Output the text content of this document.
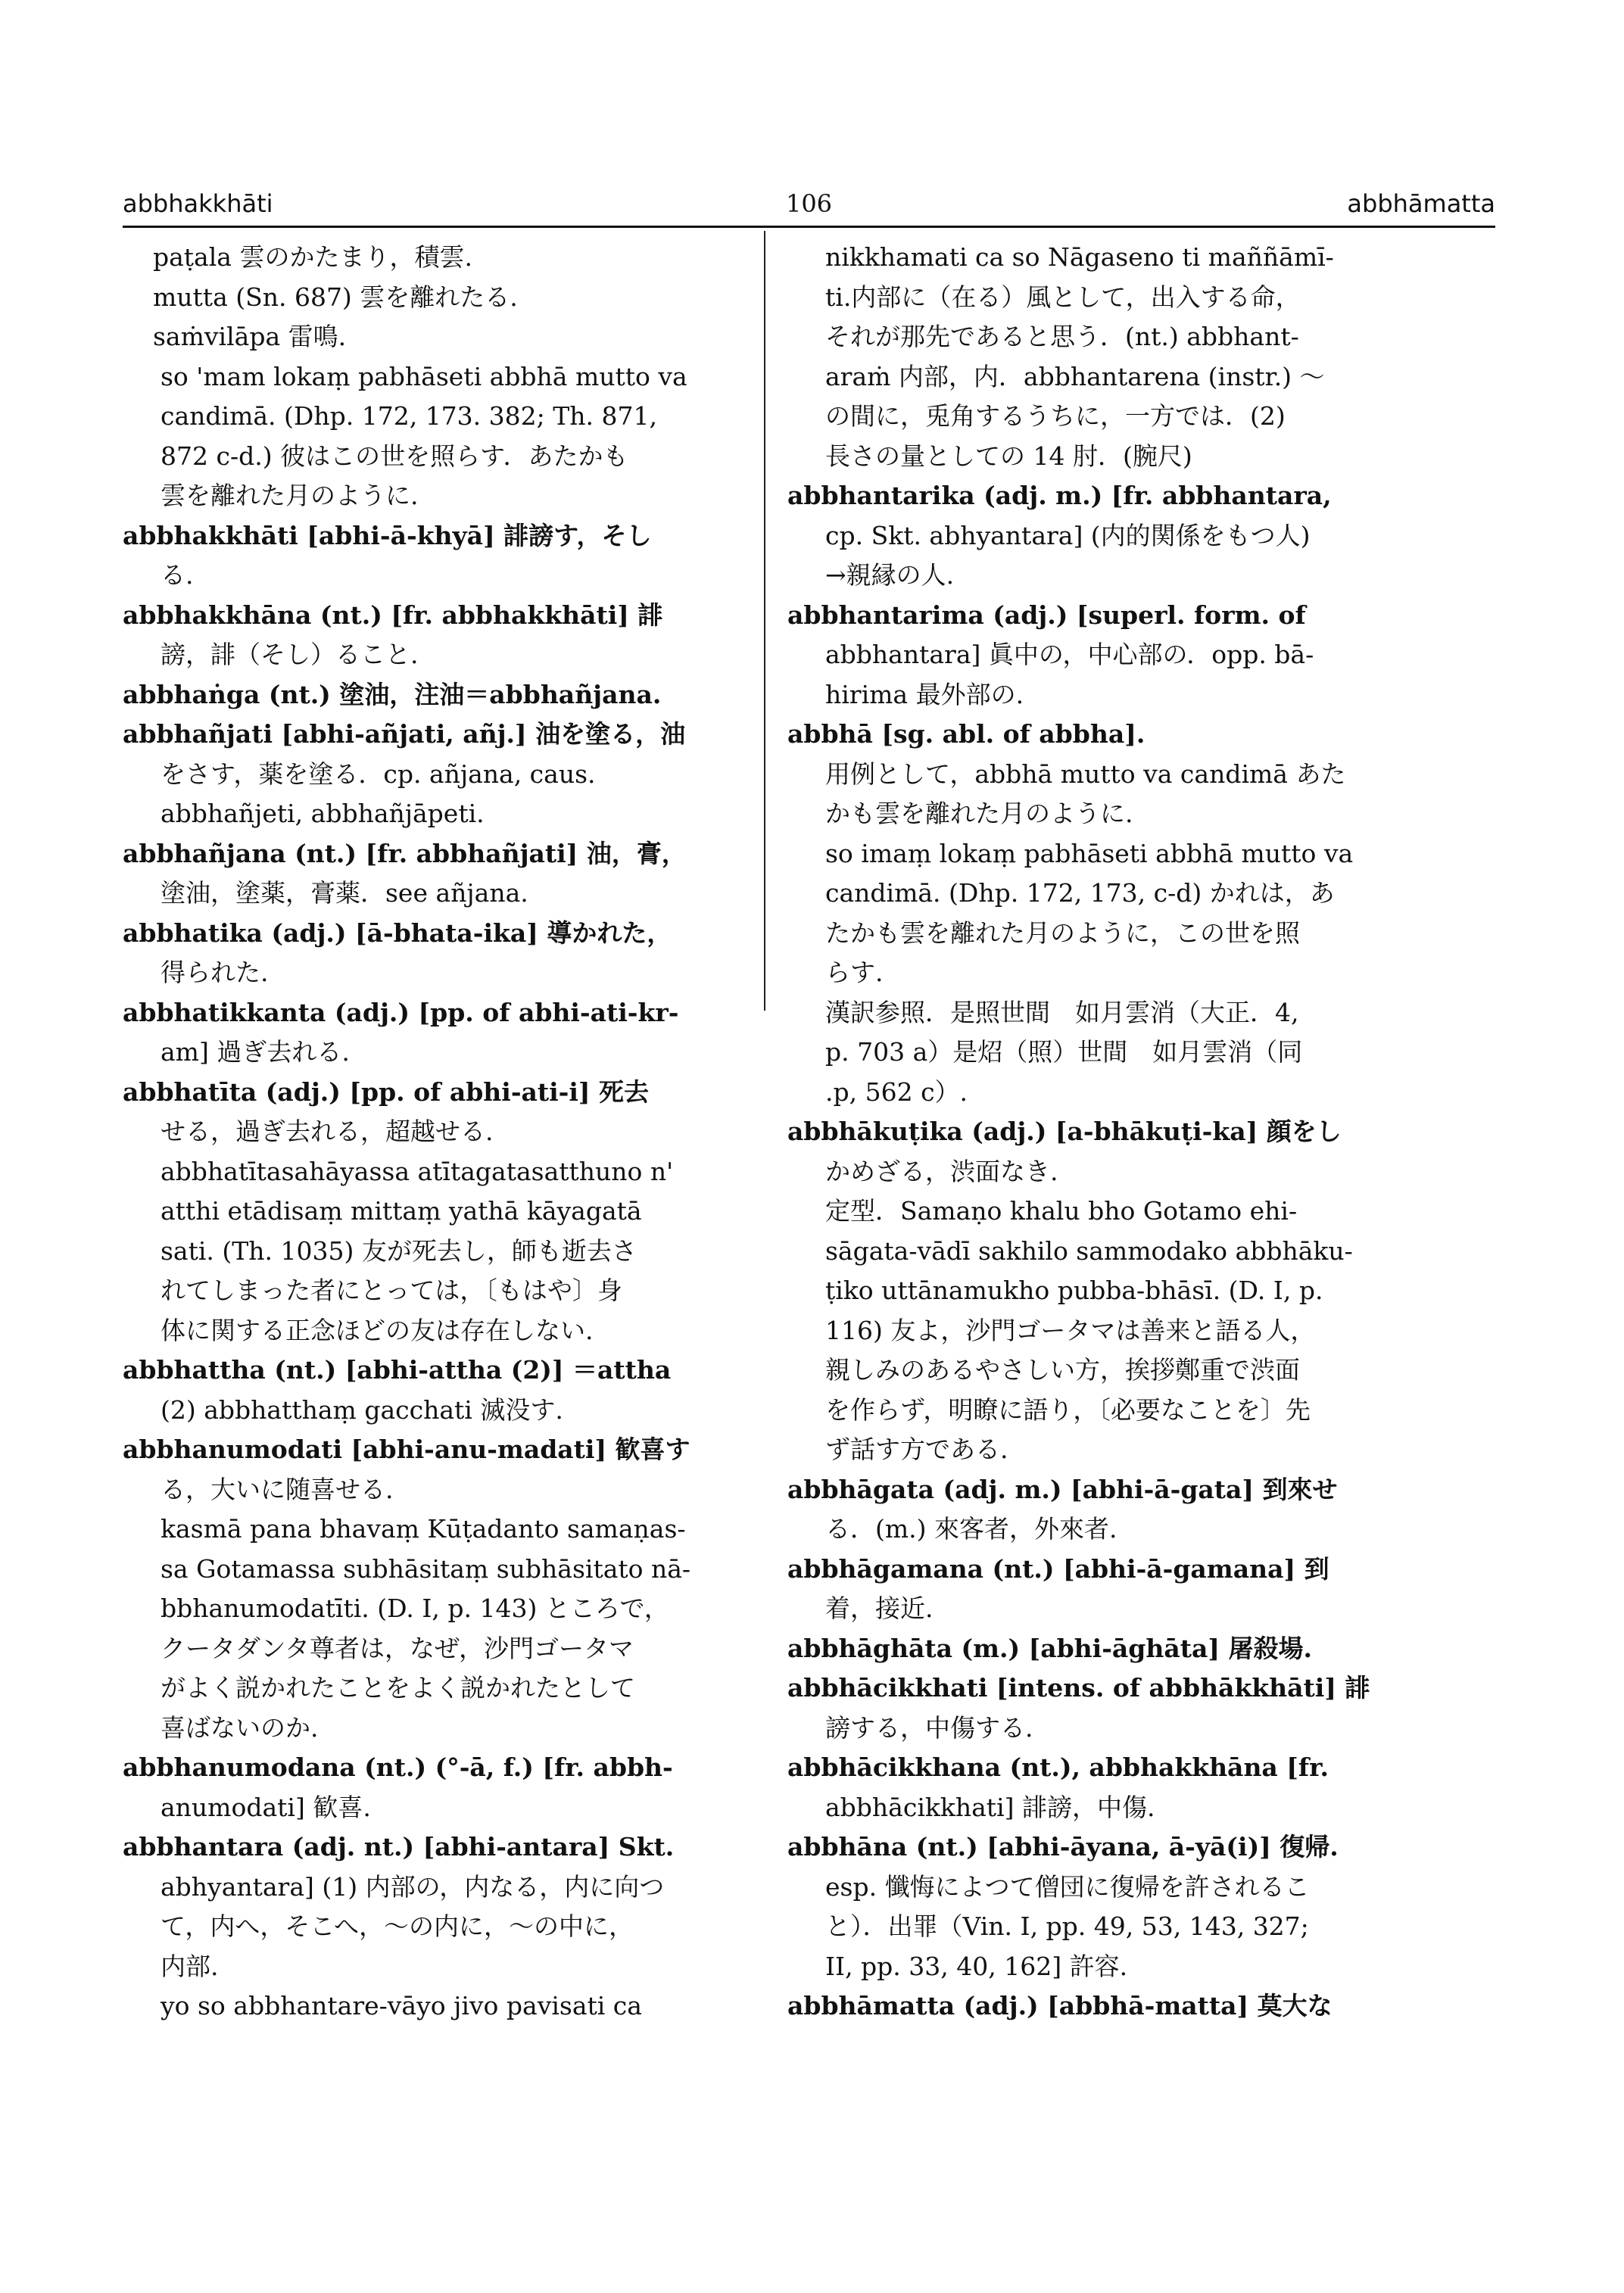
abbhakkhāti	106	abbhāmatta
paṭala 雲のかたまり，積雲.
mutta (Sn. 687) 雲を離れたる.
saṁvilāpa 雷鳴.
so 'mam lokaṃ pabhāseti abbhā mutto va
candimā. (Dhp. 172, 173. 382; Th. 871,
872 c-d.) 彼はこの世を照らす．あたかも
雲を離れた月のように.
abbhakkhāti [abhi-ā-khyā] 誹謗す，そし
る.
abbhakkhāna (nt.) [fr. abbhakkhāti] 誹
謗，誹（そし）ること.
abbhaṅga (nt.) 塗油，注油＝abbhañjana.
abbhañjati [abhi-añjati, añj.] 油を塗る，油
をさす，薬を塗る．cp. añjana, caus.
abbhañjeti, abbhañjāpeti.
abbhañjana (nt.) [fr. abbhañjati] 油，膏，
塗油，塗薬，膏薬．see añjana.
abbhatika (adj.) [ā-bhata-ika] 導かれた，
得られた.
abbhatikkanta (adj.) [pp. of abhi-ati-kr-
am] 過ぎ去れる.
abbhatīta (adj.) [pp. of abhi-ati-i] 死去
せる，過ぎ去れる，超越せる.
abbhatītasahāyassa atītagatasatthuno n'
atthi etādisaṃ mittaṃ yathā kāyagatā
sati. (Th. 1035) 友が死去し，師も逝去さ
れてしまった者にとっては，〔もはや〕身
体に関する正念ほどの友は存在しない.
abbhattha (nt.) [abhi-attha (2)] ＝attha
(2) abbhatthaṃ gacchati 滅没す.
abbhanumodati [abhi-anu-madati] 歓喜す
る，大いに随喜せる.
kasmā pana bhavaṃ Kūṭadanto samaṇas-
sa Gotamassa subhāsitaṃ subhāsitato nā-
bbhanumodatīti. (D. I, p. 143) ところで，
クータダンタ尊者は，なぜ，沙門ゴータマ
がよく説かれたことをよく説かれたとして
喜ばないのか.
abbhanumodana (nt.) (°-ā, f.) [fr. abbh-
anumodati] 歓喜.
abbhantara (adj. nt.) [abhi-antara] Skt.
abhyantara] (1) 内部の，内なる，内に向つ
て，内へ，そこへ，〜の内に，〜の中に，
内部.
yo so abbhantare-vāyo jivo pavisati ca
nikkhamati ca so Nāgaseno ti maññāmī-
ti.内部に（在る）風として，出入する命，
それが那先であると思う．(nt.) abbhant-
araṁ 内部，内．abbhantarena (instr.) 〜
の間に，兎角するうちに，一方では．(2)
長さの量としての 14 肘．(腕尺)
abbhantarika (adj. m.) [fr. abbhantara,
cp. Skt. abhyantara] (内的関係をもつ人)
→親縁の人.
abbhantarima (adj.) [superl. form. of
abbhantara] 眞中の，中心部の．opp. bā-
hirima 最外部の.
abbhā [sg. abl. of abbha].
用例として，abbhā mutto va candimā あた
かも雲を離れた月のように.
so imaṃ lokaṃ pabhāseti abbhā mutto va
candimā. (Dhp. 172, 173, c-d) かれは，あ
たかも雲を離れた月のように，この世を照
らす.
漢訳参照．是照世間　如月雲消（大正．4,
p. 703 a）是炤（照）世間　如月雲消（同
.p, 562 c）.
abbhākuṭika (adj.) [a-bhākuṭi-ka] 顔をし
かめざる，渋面なき.
定型．Samaṇo khalu bho Gotamo ehi-
sāgata-vādī sakhilo sammodako abbhāku-
ṭiko uttānamukho pubba-bhāsī. (D. I, p.
116) 友よ，沙門ゴータマは善来と語る人，
親しみのあるやさしい方，挨拶鄭重で渋面
を作らず，明瞭に語り，〔必要なことを〕先
ず話す方である.
abbhāgata (adj. m.) [abhi-ā-gata] 到來せ
る．(m.) 來客者，外來者.
abbhāgamana (nt.) [abhi-ā-gamana] 到
着，接近.
abbhāghāta (m.) [abhi-āghāta] 屠殺場.
abbhācikkhati [intens. of abbhākkhāti] 誹
謗する，中傷する.
abbhācikkhana (nt.), abbhakkhāna [fr.
abbhācikkhati] 誹謗，中傷.
abbhāna (nt.) [abhi-āyana, ā-yā(i)] 復帰.
esp. 懺悔によつて僧団に復帰を許されるこ
と）．出罪（Vin. I, pp. 49, 53, 143, 327;
II, pp. 33, 40, 162] 許容.
abbhāmatta (adj.) [abbhā-matta] 莫大な
